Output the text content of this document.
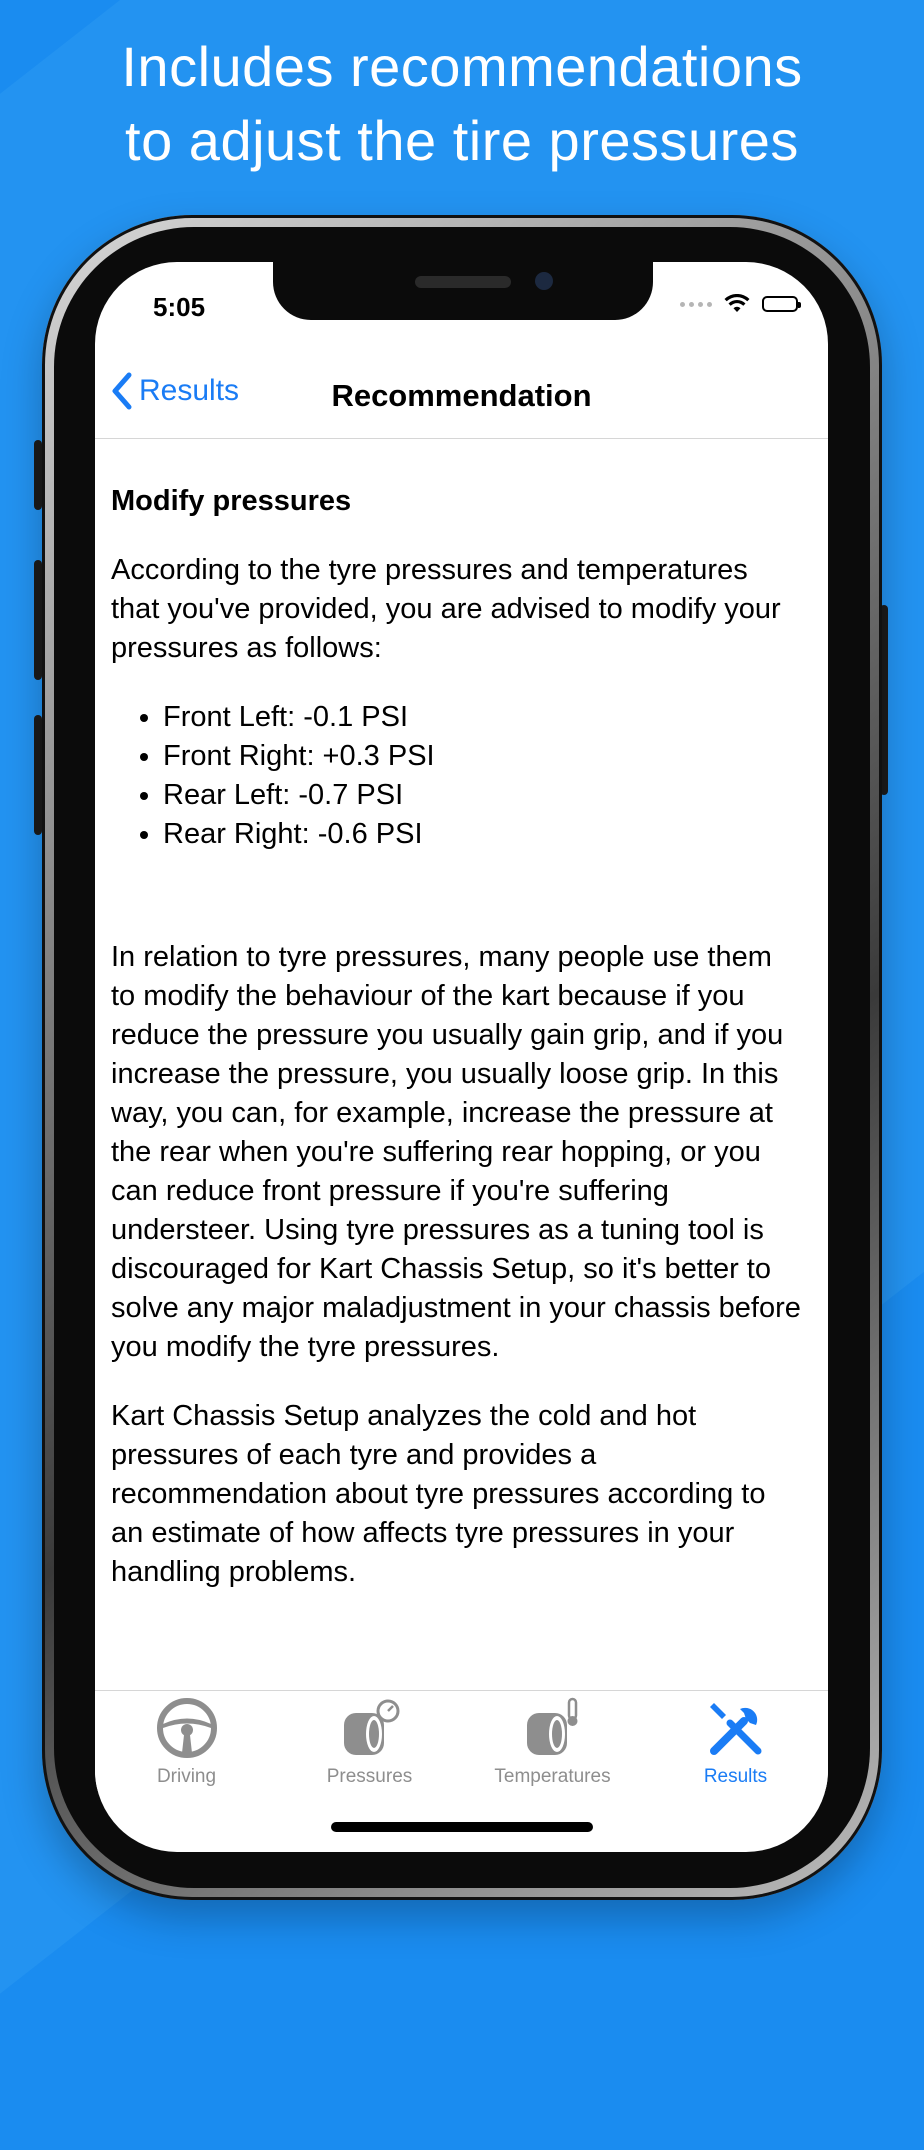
Includes recommendations
to adjust the tire pressures
5:05
Results	Recommendation
Modify pressures

According to the tyre pressures and temperatures that you've provided, you are advised to modify your pressures as follows:

• Front Left: -0.1 PSI
• Front Right: +0.3 PSI
• Rear Left: -0.7 PSI
• Rear Right: -0.6 PSI

In relation to tyre pressures, many people use them to modify the behaviour of the kart because if you reduce the pressure you usually gain grip, and if you increase the pressure, you usually loose grip. In this way, you can, for example, increase the pressure at the rear when you're suffering rear hopping, or you can reduce front pressure if you're suffering understeer. Using tyre pressures as a tuning tool is discouraged for Kart Chassis Setup, so it's better to solve any major maladjustment in your chassis before you modify the tyre pressures.

Kart Chassis Setup analyzes the cold and hot pressures of each tyre and provides a recommendation about tyre pressures according to an estimate of how affects tyre pressures in your handling problems.

Driving	Pressures	Temperatures	Results
